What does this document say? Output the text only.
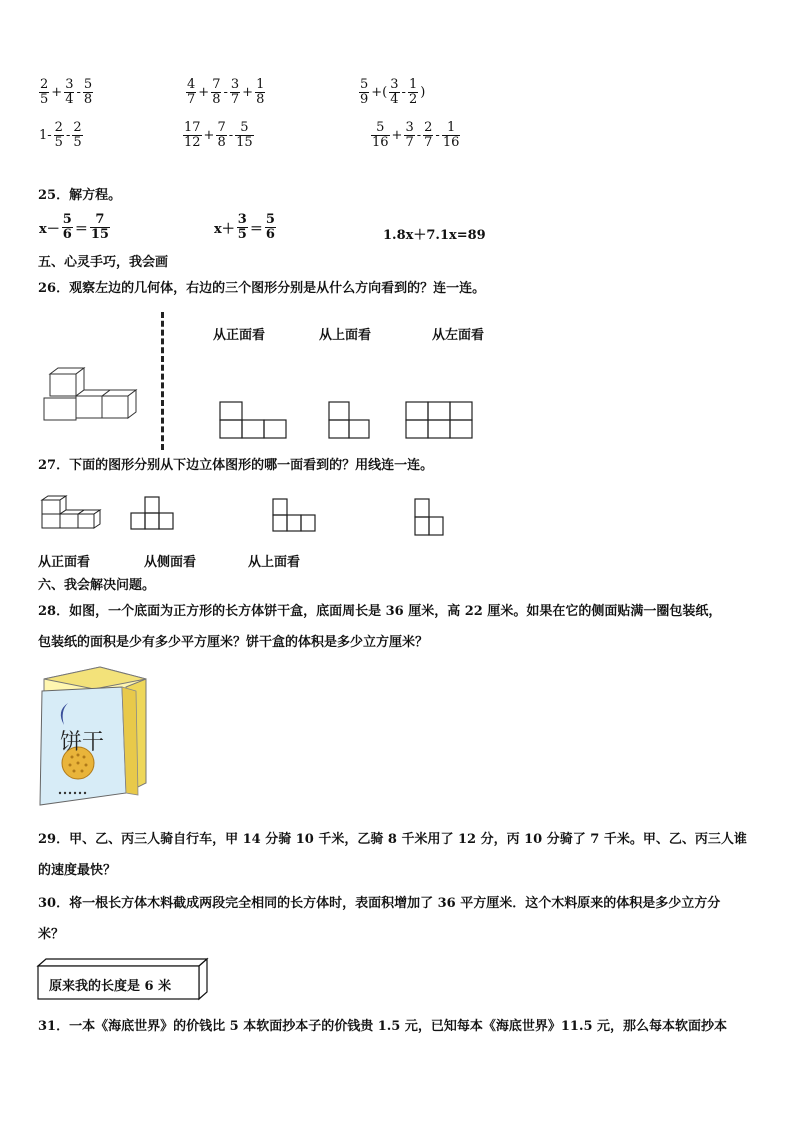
$\frac{2}{5} + \frac{3}{4} - \frac{5}{8}$	$\frac{4}{7} + \frac{7}{8} - \frac{3}{7} + \frac{1}{8}$	$\frac{5}{9}$ +( $\frac{3}{4} - \frac{1}{2}$ )
$1- \frac{2}{5} - \frac{2}{5}$	$\frac{17}{12} + \frac{7}{8} - \frac{5}{15}$	$\frac{5}{16} + \frac{3}{7} - \frac{2}{7} - \frac{1}{16}$
25．解方程。
$x- \frac{5}{6} = \frac{7}{15}$	$x+ \frac{3}{5} = \frac{5}{6}$	1.8x＋7.1x=89
五、心灵手巧，我会画
26．观察左边的几何体，右边的三个图形分别是从什么方向看到的？连一连。
从正面看	从上面看	从左面看
27．下面的图形分别从下边立体图形的哪一面看到的？用线连一连。
从正面看	从侧面看	从上面看
六、我会解决问题。
28．如图，一个底面为正方形的长方体饼干盒，底面周长是 36 厘米，高 22 厘米。如果在它的侧面贴满一圈包装纸，
包装纸的面积是少有多少平方厘米？饼干盒的体积是多少立方厘米？
饼干
29．甲、乙、丙三人骑自行车，甲 14 分骑 10 千米，乙骑 8 千米用了 12 分，丙 10 分骑了 7 千米。甲、乙、丙三人谁
的速度最快？
30．将一根长方体木料截成两段完全相同的长方体时，表面积增加了 36 平方厘米．这个木料原来的体积是多少立方分
米？
原来我的长度是 6 米
31．一本《海底世界》的价钱比 5 本软面抄本子的价钱贵 1.5 元，已知每本《海底世界》11.5 元，那么每本软面抄本
